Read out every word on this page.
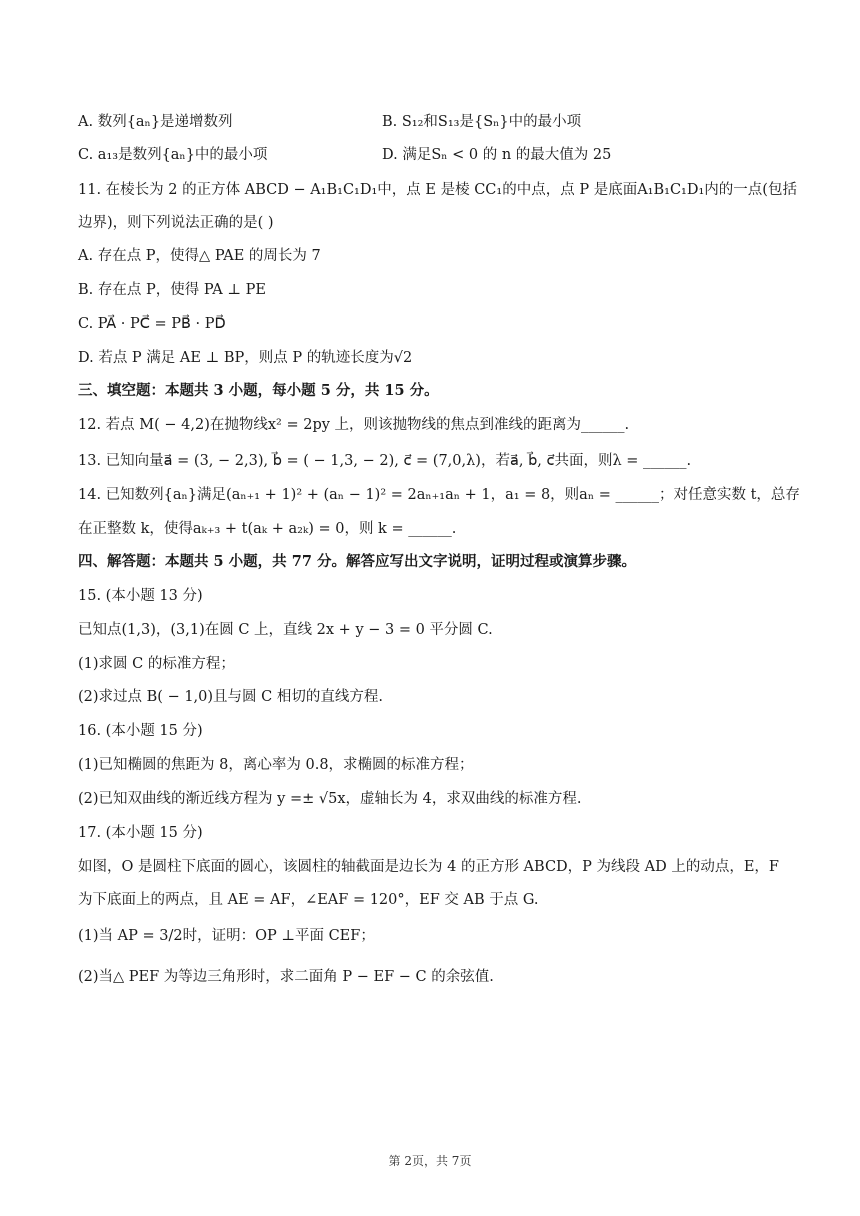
A. 数列{aₙ}是递增数列	B. S₁₂和S₁₃是{Sₙ}中的最小项
C. a₁₃是数列{aₙ}中的最小项	D. 满足Sₙ < 0 的 n 的最大值为 25
11. 在棱长为 2 的正方体 ABCD − A₁B₁C₁D₁中，点 E 是棱 CC₁的中点，点 P 是底面A₁B₁C₁D₁内的一点(包括
边界)，则下列说法正确的是( )
A. 存在点 P，使得△ PAE 的周长为 7
B. 存在点 P，使得 PA ⊥ PE
C. PA⃗ · PC⃗ = PB⃗ · PD⃗
D. 若点 P 满足 AE ⊥ BP，则点 P 的轨迹长度为√2
三、填空题：本题共 3 小题，每小题 5 分，共 15 分。
12. 若点 M( − 4,2)在抛物线x² = 2py 上，则该抛物线的焦点到准线的距离为______.
13. 已知向量a⃗ = (3, − 2,3), b⃗ = ( − 1,3, − 2), c⃗ = (7,0,λ)，若a⃗, b⃗, c⃗共面，则λ = ______.
14. 已知数列{aₙ}满足(aₙ₊₁ + 1)² + (aₙ − 1)² = 2aₙ₊₁aₙ + 1，a₁ = 8，则aₙ = ______；对任意实数 t，总存
在正整数 k，使得aₖ₊₃ + t(aₖ + a₂ₖ) = 0，则 k = ______.
四、解答题：本题共 5 小题，共 77 分。解答应写出文字说明，证明过程或演算步骤。
15. (本小题 13 分)
已知点(1,3)，(3,1)在圆 C 上，直线 2x + y − 3 = 0 平分圆 C.
(1)求圆 C 的标准方程；
(2)求过点 B( − 1,0)且与圆 C 相切的直线方程.
16. (本小题 15 分)
(1)已知椭圆的焦距为 8，离心率为 0.8，求椭圆的标准方程；
(2)已知双曲线的渐近线方程为 y =± √5x，虚轴长为 4，求双曲线的标准方程.
17. (本小题 15 分)
如图，O 是圆柱下底面的圆心，该圆柱的轴截面是边长为 4 的正方形 ABCD，P 为线段 AD 上的动点，E，F
为下底面上的两点，且 AE = AF，∠EAF = 120°，EF 交 AB 于点 G.
(1)当 AP = 3/2时，证明：OP ⊥平面 CEF；
(2)当△ PEF 为等边三角形时，求二面角 P − EF − C 的余弦值.
第 2页，共 7页
